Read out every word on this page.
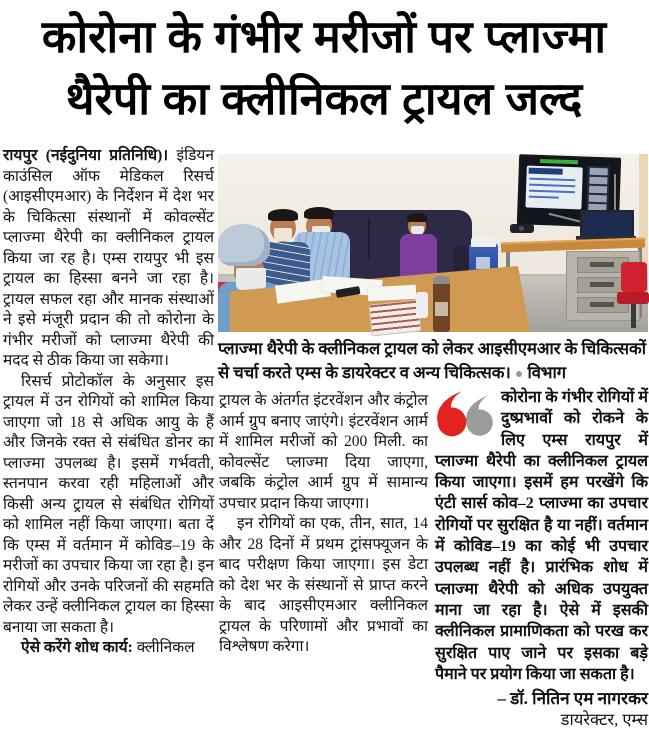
कोरोना के गंभीर मरीजों पर प्लाज्मा
थैरेपी का क्लीनिकल ट्रायल जल्द

रायपुर (नईदुनिया प्रतिनिधि)। इंडियन काउंसिल ऑफ मेडिकल रिसर्च (आइसीएमआर) के निर्देशन में देश भर के चिकित्सा संस्थानों में कोवल्सेंट प्लाज्मा थैरेपी का क्लीनिकल ट्रायल किया जा रह है। एम्स रायपुर भी इस ट्रायल का हिस्सा बनने जा रहा है। ट्रायल सफल रहा और मानक संस्थाओं ने इसे मंजूरी प्रदान की तो कोरोना के गंभीर मरीजों को प्लाज्मा थैरेपी की मदद से ठीक किया जा सकेगा।

रिसर्च प्रोटोकॉल के अनुसार इस ट्रायल में उन रोगियों को शामिल किया जाएगा जो 18 से अधिक आयु के हैं और जिनके रक्त से संबंधित डोनर का प्लाज्मा उपलब्ध है। इसमें गर्भवती, स्तनपान करवा रही महिलाओं और किसी अन्य ट्रायल से संबंधित रोगियों को शामिल नहीं किया जाएगा। बता दें कि एम्स में वर्तमान में कोविड–19 के मरीजों का उपचार किया जा रहा है। इन रोगियों और उनके परिजनों की सहमति लेकर उन्हें क्लीनिकल ट्रायल का हिस्सा बनाया जा सकता है।

ऐसे करेंगे शोध कार्य: क्लीनिकल

प्लाज्मा थैरेपी के क्लीनिकल ट्रायल को लेकर आइसीएमआर के चिकित्सकों से चर्चा करते एम्स के डायरेक्टर व अन्य चिकित्सक। ● विभाग

ट्रायल के अंतर्गत इंटरवेंशन और कंट्रोल आर्म ग्रुप बनाए जाएंगे। इंटरवेंशन आर्म में शामिल मरीजों को 200 मिली. का कोवल्सेंट प्लाज्मा दिया जाएगा, जबकि कंट्रोल आर्म ग्रुप में सामान्य उपचार प्रदान किया जाएगा।

इन रोगियों का एक, तीन, सात, 14 और 28 दिनों में प्रथम ट्रांसफ्यूजन के बाद परीक्षण किया जाएगा। इस डेटा को देश भर के संस्थानों से प्राप्त करने के बाद आइसीएमआर क्लीनिकल ट्रायल के परिणामों और प्रभावों का विश्लेषण करेगा।

कोरोना के गंभीर रोगियों में दुष्प्रभावों को रोकने के लिए एम्स रायपुर में प्लाज्मा थैरेपी का क्लीनिकल ट्रायल किया जाएगा। इसमें हम परखेंगे कि एंटी सार्स कोव–2 प्लाज्मा का उपचार रोगियों पर सुरक्षित है या नहीं। वर्तमान में कोविड–19 का कोई भी उपचार उपलब्ध नहीं है। प्रारंभिक शोध में प्लाज्मा थैरेपी को अधिक उपयुक्त माना जा रहा है। ऐसे में इसकी क्लीनिकल प्रामाणिकता को परख कर सुरक्षित पाए जाने पर इसका बड़े पैमाने पर प्रयोग किया जा सकता है।
– डॉ. नितिन एम नागरकर
डायरेक्टर, एम्स
